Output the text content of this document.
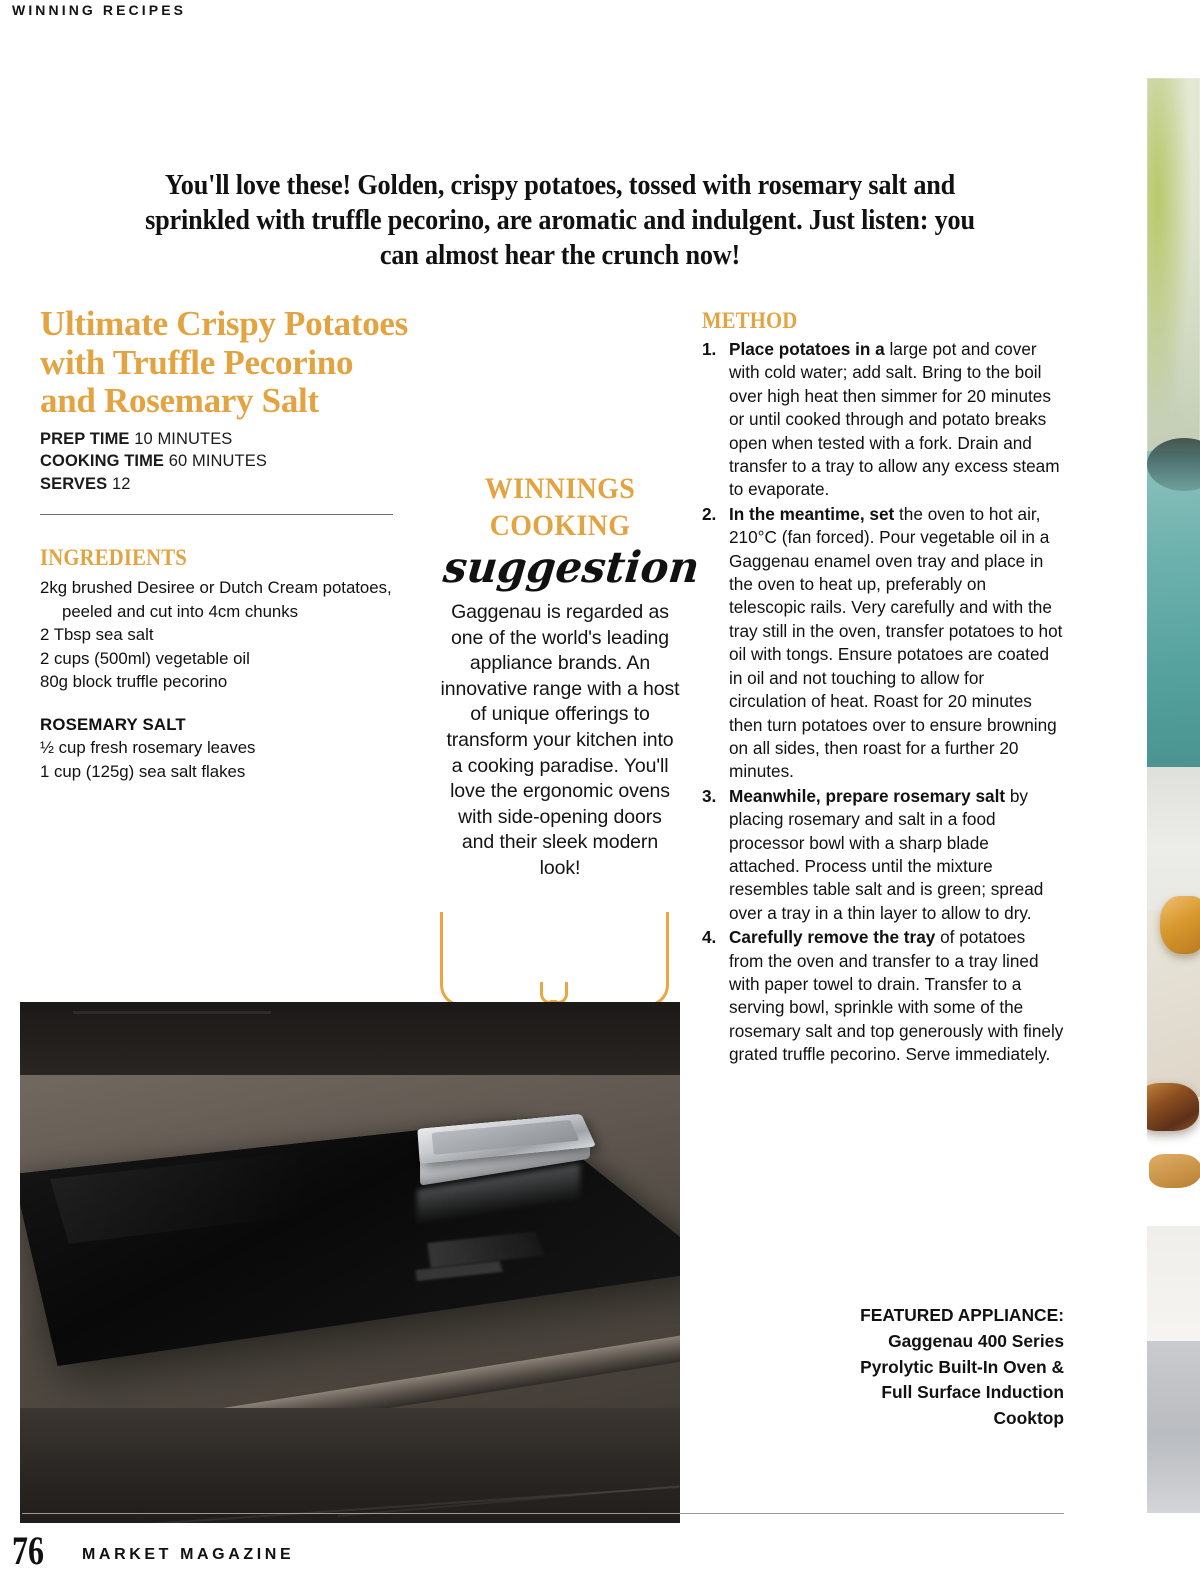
WINNING RECIPES
You'll love these! Golden, crispy potatoes, tossed with rosemary salt and sprinkled with truffle pecorino, are aromatic and indulgent. Just listen: you can almost hear the crunch now!
Ultimate Crispy Potatoes with Truffle Pecorino and Rosemary Salt
PREP TIME 10 MINUTES
COOKING TIME 60 MINUTES
SERVES 12
INGREDIENTS
2kg brushed Desiree or Dutch Cream potatoes, peeled and cut into 4cm chunks
2 Tbsp sea salt
2 cups (500ml) vegetable oil
80g block truffle pecorino
ROSEMARY SALT
½ cup fresh rosemary leaves
1 cup (125g) sea salt flakes
WINNINGS
COOKING
suggestion
Gaggenau is regarded as one of the world's leading appliance brands. An innovative range with a host of unique offerings to transform your kitchen into a cooking paradise. You'll love the ergonomic ovens with side-opening doors and their sleek modern look!
METHOD
1. Place potatoes in a large pot and cover with cold water; add salt. Bring to the boil over high heat then simmer for 20 minutes or until cooked through and potato breaks open when tested with a fork. Drain and transfer to a tray to allow any excess steam to evaporate.
2. In the meantime, set the oven to hot air, 210°C (fan forced). Pour vegetable oil in a Gaggenau enamel oven tray and place in the oven to heat up, preferably on telescopic rails. Very carefully and with the tray still in the oven, transfer potatoes to hot oil with tongs. Ensure potatoes are coated in oil and not touching to allow for circulation of heat. Roast for 20 minutes then turn potatoes over to ensure browning on all sides, then roast for a further 20 minutes.
3. Meanwhile, prepare rosemary salt by placing rosemary and salt in a food processor bowl with a sharp blade attached. Process until the mixture resembles table salt and is green; spread over a tray in a thin layer to allow to dry.
4. Carefully remove the tray of potatoes from the oven and transfer to a tray lined with paper towel to drain. Transfer to a serving bowl, sprinkle with some of the rosemary salt and top generously with finely grated truffle pecorino. Serve immediately.
FEATURED APPLIANCE: Gaggenau 400 Series Pyrolytic Built-In Oven & Full Surface Induction Cooktop
76 MARKET MAGAZINE
